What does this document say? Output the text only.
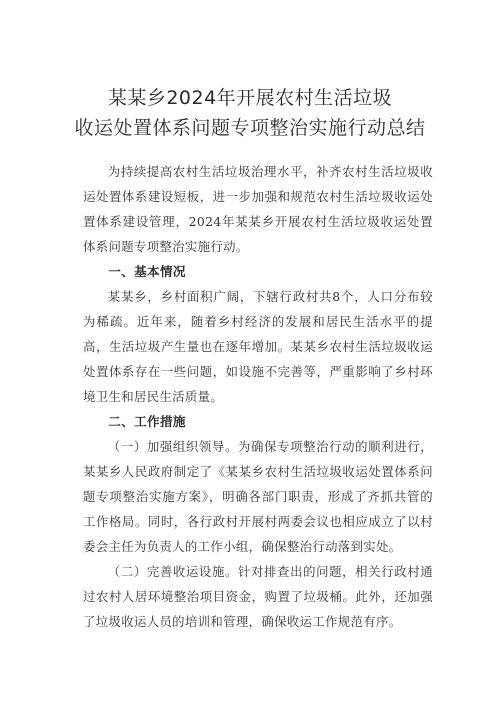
某某乡2024年开展农村生活垃圾
收运处置体系问题专项整治实施行动总结

为持续提高农村生活垃圾治理水平，补齐农村生活垃圾收运处置体系建设短板，进一步加强和规范农村生活垃圾收运处置体系建设管理，2024年某某乡开展农村生活垃圾收运处置体系问题专项整治实施行动。

一、基本情况

某某乡，乡村面积广阔，下辖行政村共8个，人口分布较为稀疏。近年来，随着乡村经济的发展和居民生活水平的提高，生活垃圾产生量也在逐年增加。某某乡农村生活垃圾收运处置体系存在一些问题，如设施不完善等，严重影响了乡村环境卫生和居民生活质量。

二、工作措施

（一）加强组织领导。为确保专项整治行动的顺利进行，某某乡人民政府制定了《某某乡农村生活垃圾收运处置体系问题专项整治实施方案》，明确各部门职责，形成了齐抓共管的工作格局。同时，各行政村开展村两委会议也相应成立了以村委会主任为负责人的工作小组，确保整治行动落到实处。

（二）完善收运设施。针对排查出的问题，相关行政村通过农村人居环境整治项目资金，购置了垃圾桶。此外，还加强了垃圾收运人员的培训和管理，确保收运工作规范有序。
